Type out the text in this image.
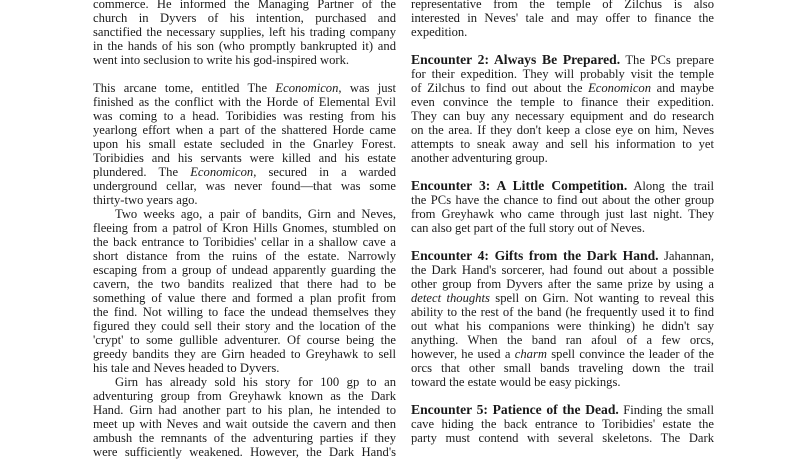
commerce. He informed the Managing Partner of the
church in Dyvers of his intention, purchased and
sanctified the necessary supplies, left his trading company
in the hands of his son (who promptly bankrupted it) and
went into seclusion to write his god-inspired work.
This arcane tome, entitled The Economicon, was just
finished as the conflict with the Horde of Elemental Evil
was coming to a head. Toribidies was resting from his
yearlong effort when a part of the shattered Horde came
upon his small estate secluded in the Gnarley Forest.
Toribidies and his servants were killed and his estate
plundered. The Economicon, secured in a warded
underground cellar, was never found—that was some
thirty-two years ago.
Two weeks ago, a pair of bandits, Girn and Neves,
fleeing from a patrol of Kron Hills Gnomes, stumbled on
the back entrance to Toribidies' cellar in a shallow cave a
short distance from the ruins of the estate. Narrowly
escaping from a group of undead apparently guarding the
cavern, the two bandits realized that there had to be
something of value there and formed a plan profit from
the find. Not willing to face the undead themselves they
figured they could sell their story and the location of the
'crypt' to some gullible adventurer. Of course being the
greedy bandits they are Girn headed to Greyhawk to sell
his tale and Neves headed to Dyvers.
Girn has already sold his story for 100 gp to an
adventuring group from Greyhawk known as the Dark
Hand. Girn had another part to his plan, he intended to
meet up with Neves and wait outside the cavern and then
ambush the remnants of the adventuring parties if they
were sufficiently weakened. However, the Dark Hand's
representative from the temple of Zilchus is also
interested in Neves' tale and may offer to finance the
expedition.
Encounter 2: Always Be Prepared. The PCs prepare
for their expedition. They will probably visit the temple
of Zilchus to find out about the Economicon and maybe
even convince the temple to finance their expedition.
They can buy any necessary equipment and do research
on the area. If they don't keep a close eye on him, Neves
attempts to sneak away and sell his information to yet
another adventuring group.
Encounter 3: A Little Competition. Along the trail
the PCs have the chance to find out about the other group
from Greyhawk who came through just last night. They
can also get part of the full story out of Neves.
Encounter 4: Gifts from the Dark Hand. Jahannan,
the Dark Hand's sorcerer, had found out about a possible
other group from Dyvers after the same prize by using a
detect thoughts spell on Girn. Not wanting to reveal this
ability to the rest of the band (he frequently used it to find
out what his companions were thinking) he didn't say
anything. When the band ran afoul of a few orcs,
however, he used a charm spell convince the leader of the
orcs that other small bands traveling down the trail
toward the estate would be easy pickings.
Encounter 5: Patience of the Dead. Finding the small
cave hiding the back entrance to Toribidies' estate the
party must contend with several skeletons. The Dark
